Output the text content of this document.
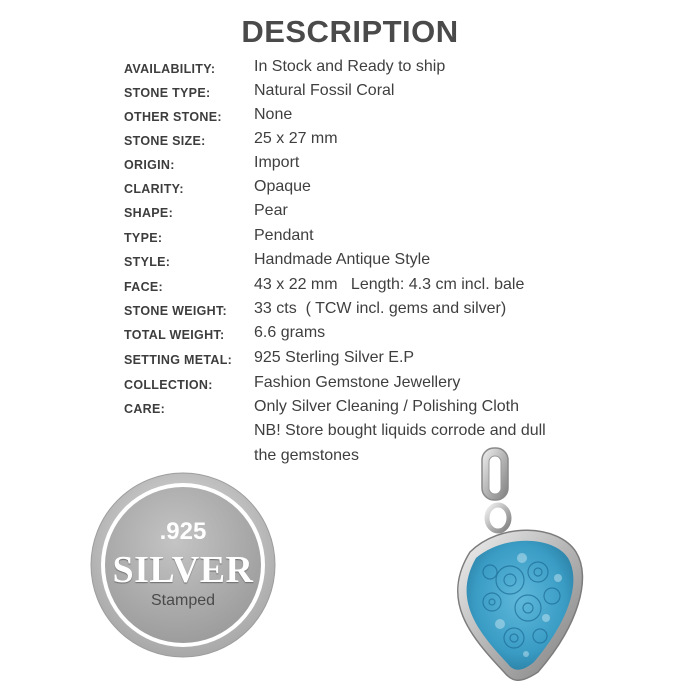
DESCRIPTION
AVAILABILITY: In Stock and Ready to ship
STONE TYPE:	Natural Fossil Coral
OTHER STONE: None
STONE SIZE:	25 x 27 mm
ORIGIN:	Import
CLARITY:	Opaque
SHAPE:	Pear
TYPE:	Pendant
STYLE:	Handmade Antique Style
FACE:	43 x 22 mm   Length: 4.3 cm incl. bale
STONE WEIGHT: 33 cts  ( TCW incl. gems and silver)
TOTAL WEIGHT: 6.6 grams
SETTING METAL: 925 Sterling Silver E.P
COLLECTION:	Fashion Gemstone Jewellery
CARE:	Only Silver Cleaning / Polishing Cloth
NB! Store bought liquids corrode and dull
the gemstones
.925
SILVER
Stamped
